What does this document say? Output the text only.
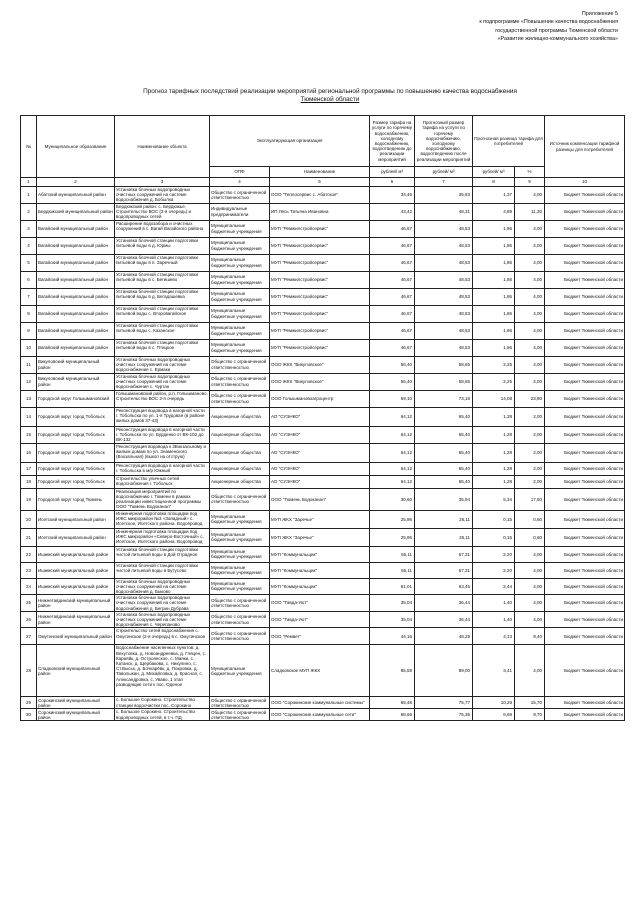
Приложение 5
к подпрограмме «Повышение качества водоснабжения
государственной программы Тюменской области
«Развитие жилищно-коммунального хозяйства»
Прогноз тарифных последствий реализации мероприятий региональной программы по повышению качества водоснабжения
Тюменской области
№	Муниципальное образование	Наименование объекта	Эксплуатирующая организация		Размер тарифа на услуги по горячему водоснабжению, холодному водоснабжению, водоотведению до реализации мероприятий	Прогнозный размер тарифа на услуги по горячему водоснабжению, холодному водоснабжению, водоотведению после реализации мероприятий	Прогнозная разница тарифа для потребителей		Источник компенсации тарифной разницы для потребителей
			ОПФ	Наименование	рублей/ м³	рублей/ м³	рублей/ м³	%	
1	2	3	4	5	6	7	8	9	10
1	Абатский муниципальный район	Установка блочных водопроводных очистных сооружений на системе водоснабжения д. Бобылка	Общество с ограниченной ответственностью	ООО "Теплосервис с. Абатское"	34,46	35,83	1,37	4,00	Бюджет Тюменской области
2	Бердюжский муниципальный район	Бердюжский район: с. Бердюжье. Строительство ВОС (2-я очередь) и водопроводных сетей	Индивидуальные предприниматели	ИП Лесь Татьяна Ивановна	43,42	48,31	4,89	11,30	Бюджет Тюменской области
3	Вагайский муниципальный район	Расширение водозабора и очистных сооружений в с. Вагай Вагайского района	Муниципальные бюджетные учреждения	МУП "Ремжилстройсервис"	46,67	48,53	1,86	4,00	Бюджет Тюменской области
4	Вагайский муниципальный район	Установка блочной станции подготовки питьевой воды в д. Юрмы	Муниципальные бюджетные учреждения	МУП "Ремжилстройсервис"	46,67	48,53	1,86	4,00	Бюджет Тюменской области
5	Вагайский муниципальный район	Установка блочной станции подготовки питьевой воды в п. Заречный	Муниципальные бюджетные учреждения	МУП "Ремжилстройсервис"	46,67	48,53	1,86	4,00	Бюджет Тюменской области
6	Вагайский муниципальный район	Установка блочной станции подготовки питьевой воды в с. Бегишево	Муниципальные бюджетные учреждения	МУП "Ремжилстройсервис"	46,67	48,53	1,86	4,00	Бюджет Тюменской области
7	Вагайский муниципальный район	Установка блочной станции подготовки питьевой воды в д. Бегадашевка	Муниципальные бюджетные учреждения	МУП "Ремжилстройсервис"	46,67	48,53	1,86	4,00	Бюджет Тюменской области
8	Вагайский муниципальный район	Установка блочной станции подготовки питьевой воды с. Второвагайское	Муниципальные бюджетные учреждения	МУП "Ремжилстройсервис"	46,67	48,53	1,86	4,00	Бюджет Тюменской области
9	Вагайский муниципальный район	Установка блочной станции подготовки питьевой воды с. Казанское	Муниципальные бюджетные учреждения	МУП "Ремжилстройсервис"	46,67	48,53	1,86	4,00	Бюджет Тюменской области
10	Вагайский муниципальный район	Установка блочной станции подготовки питьевой воды в с. Птицкое	Муниципальные бюджетные учреждения	МУП "Ремжилстройсервис"	46,67	48,53	1,86	4,00	Бюджет Тюменской области
11	Викуловский муниципальный район	Установка блочных водопроводных очистных сооружений на системе водоснабжения с. Ермаки	Общество с ограниченной ответственностью	ООО ЖКХ "Викуловское"	56,40	58,65	2,25	4,00	Бюджет Тюменской области
12	Викуловский муниципальный район	Установка блочных водопроводных очистных сооружений на системе водоснабжения с. Чуртан	Общество с ограниченной ответственностью	ООО ЖКХ "Викуловское"	56,40	58,65	2,25	4,00	Бюджет Тюменской области
13	Городской округ Голышмановский	Голышмановский район, р.п. Голышманово. Строительство ВОС 2-я очередь	Общество с ограниченной ответственностью	ООО Голышмановоагроцентр	59,10	73,18	14,08	23,80	Бюджет Тюменской области
14	Городской округ город Тобольск	Реконструкция водовода в нагорной части г. Тобольска по ул. 1-я Трудовая (в районе жилых домов 37-43)	Акционерные общества	АО "СУЭНКО"	64,12	65,40	1,28	2,00	Бюджет Тюменской области
15	Городской округ город Тобольск	Реконструкция водовода в нагорной части г. Тобольска по ул. Бурденко от ВК-102 до ВК-132	Акционерные общества	АО "СУЭНКО"	64,12	65,40	1,28	2,00	Бюджет Тюменской области
16	Городской округ город Тобольск	Реконструкция водовода к 3Вокзальному и жилым домам по ул. Знаменского (Вокзальная) (выкоп на отструю)	Акционерные общества	АО "СУЭНКО"	64,12	65,40	1,28	2,00	Бюджет Тюменской области
17	Городской округ город Тобольск	Реконструкция водовода в нагорной части г. Тобольска в м/р Южный	Акционерные общества	АО "СУЭНКО"	64,12	65,40	1,28	2,00	Бюджет Тюменской области
18	Городской округ город Тобольск	Строительство уличных сетей водоснабжения г. Тобольск	Акционерные общества	АО "СУЭНКО"	64,12	65,40	1,28	2,00	Бюджет Тюменской области
19	Городской округ город Тюмень	Реализация мероприятий по водоснабжению г. Тюмени в рамках реализации инвестиционной программы ООО "Тюмень Водоканал"	Общество с ограниченной ответственностью	ООО "Тюмень Водоканал"	30,60	35,94	5,34	17,50	Бюджет Тюменской области
20	Исетский муниципальный район	Инженерная подготовка площадки под ИЖС микрорайон №3 «Западный» с. Исетское, Исетского района. Водопровод	Муниципальные бюджетные учреждения	МУП ЖКХ "Заречье"	25,96	26,11	0,15	0,60	Бюджет Тюменской области
21	Исетский муниципальный район	Инженерная подготовка площадки под ИЖС микрорайон «Северо-Восточный» с. Исетское, Исетского района. Водопровод	Муниципальные бюджетные учреждения	МУП ЖКХ "Заречье"	25,96	26,11	0,15	0,60	Бюджет Тюменской области
22	Ишимский муниципальный район	Установка блочной станции подготовки чистой питьевой воды в Дой Отрадное	Муниципальные бюджетные учреждения	МУП "Коммунальщик"	55,11	57,31	2,20	4,00	Бюджет Тюменской области
23	Ишимский муниципальный район	Установка блочной станции подготовки чистой питьевой воды в Бутусово	Муниципальные бюджетные учреждения	МУП "Коммунальщик"	55,11	57,31	2,20	4,00	Бюджет Тюменской области
24	Ишимский муниципальный район	Установка блочных водопроводных очистных сооружений на системе водоснабжения д. Быково	Муниципальные бюджетные учреждения	МУП "Коммунальщик"	61,01	63,45	2,44	4,00	Бюджет Тюменской области
25	Нижнетавдинский муниципальный район	Установка блочных водопроводных очистных сооружений на системе водоснабжения д. Бегрин Дубрава	Общество с ограниченной ответственностью	ООО "Тавда-Уют"	35,04	36,44	1,40	4,00	Бюджет Тюменской области
26	Нижнетавдинский муниципальный район	Установка блочных водопроводных очистных сооружений на системе водоснабжения с. Черепаново	Общество с ограниченной ответственностью	ООО "Тавда-Уют"	35,04	36,44	1,40	4,00	Бюджет Тюменской области
27	Омутинский муниципальный район	Строительство сетей водоснабжения с. Омутинское (2-я очередь) в с. Омутинское	Общество с ограниченной ответственностью	ООО "Ремвет"	44,16	48,29	4,13	9,40	Бюджет Тюменской области
28	Сладковский муниципальный район	Водоснабжение населенных пунктов: д. Вехутовка, д. Новоандреевка, д. Гляцен, с. Караяйк, д. Остроянское, с. Маяки, с. Катанск, д. Щербакова, с. Никулино, с. Ст.Выськ, д. Бочкарёвк, д. Покровка, д. Тавольжан, д. Михайловка, д. Красноя, с. Александровка, с. Уваво. 1 этап разводящие сети к пос. Оденое	Муниципальные бюджетные учреждения	Сладковское МУП ЖКХ	85,59	89,00	3,41	4,00	Бюджет Тюменской области
29	Сорокинский муниципальный район	с. Большое Сорокино. Строительство станции водоочистки пос. Сорокино	Общество с ограниченной ответственностью	ООО "Сорокинские коммунальные системы"	65,48	75,77	10,29	15,70	Бюджет Тюменской области
30	Сорокинский муниципальный район	с. Большое Сорокино. Строительство водопроводных сетей, в т.ч. ПД	Общество с ограниченной ответственностью	ООО "Сорокинские коммунальные сети"	68,66	75,35	6,69	9,70	Бюджет Тюменской области
